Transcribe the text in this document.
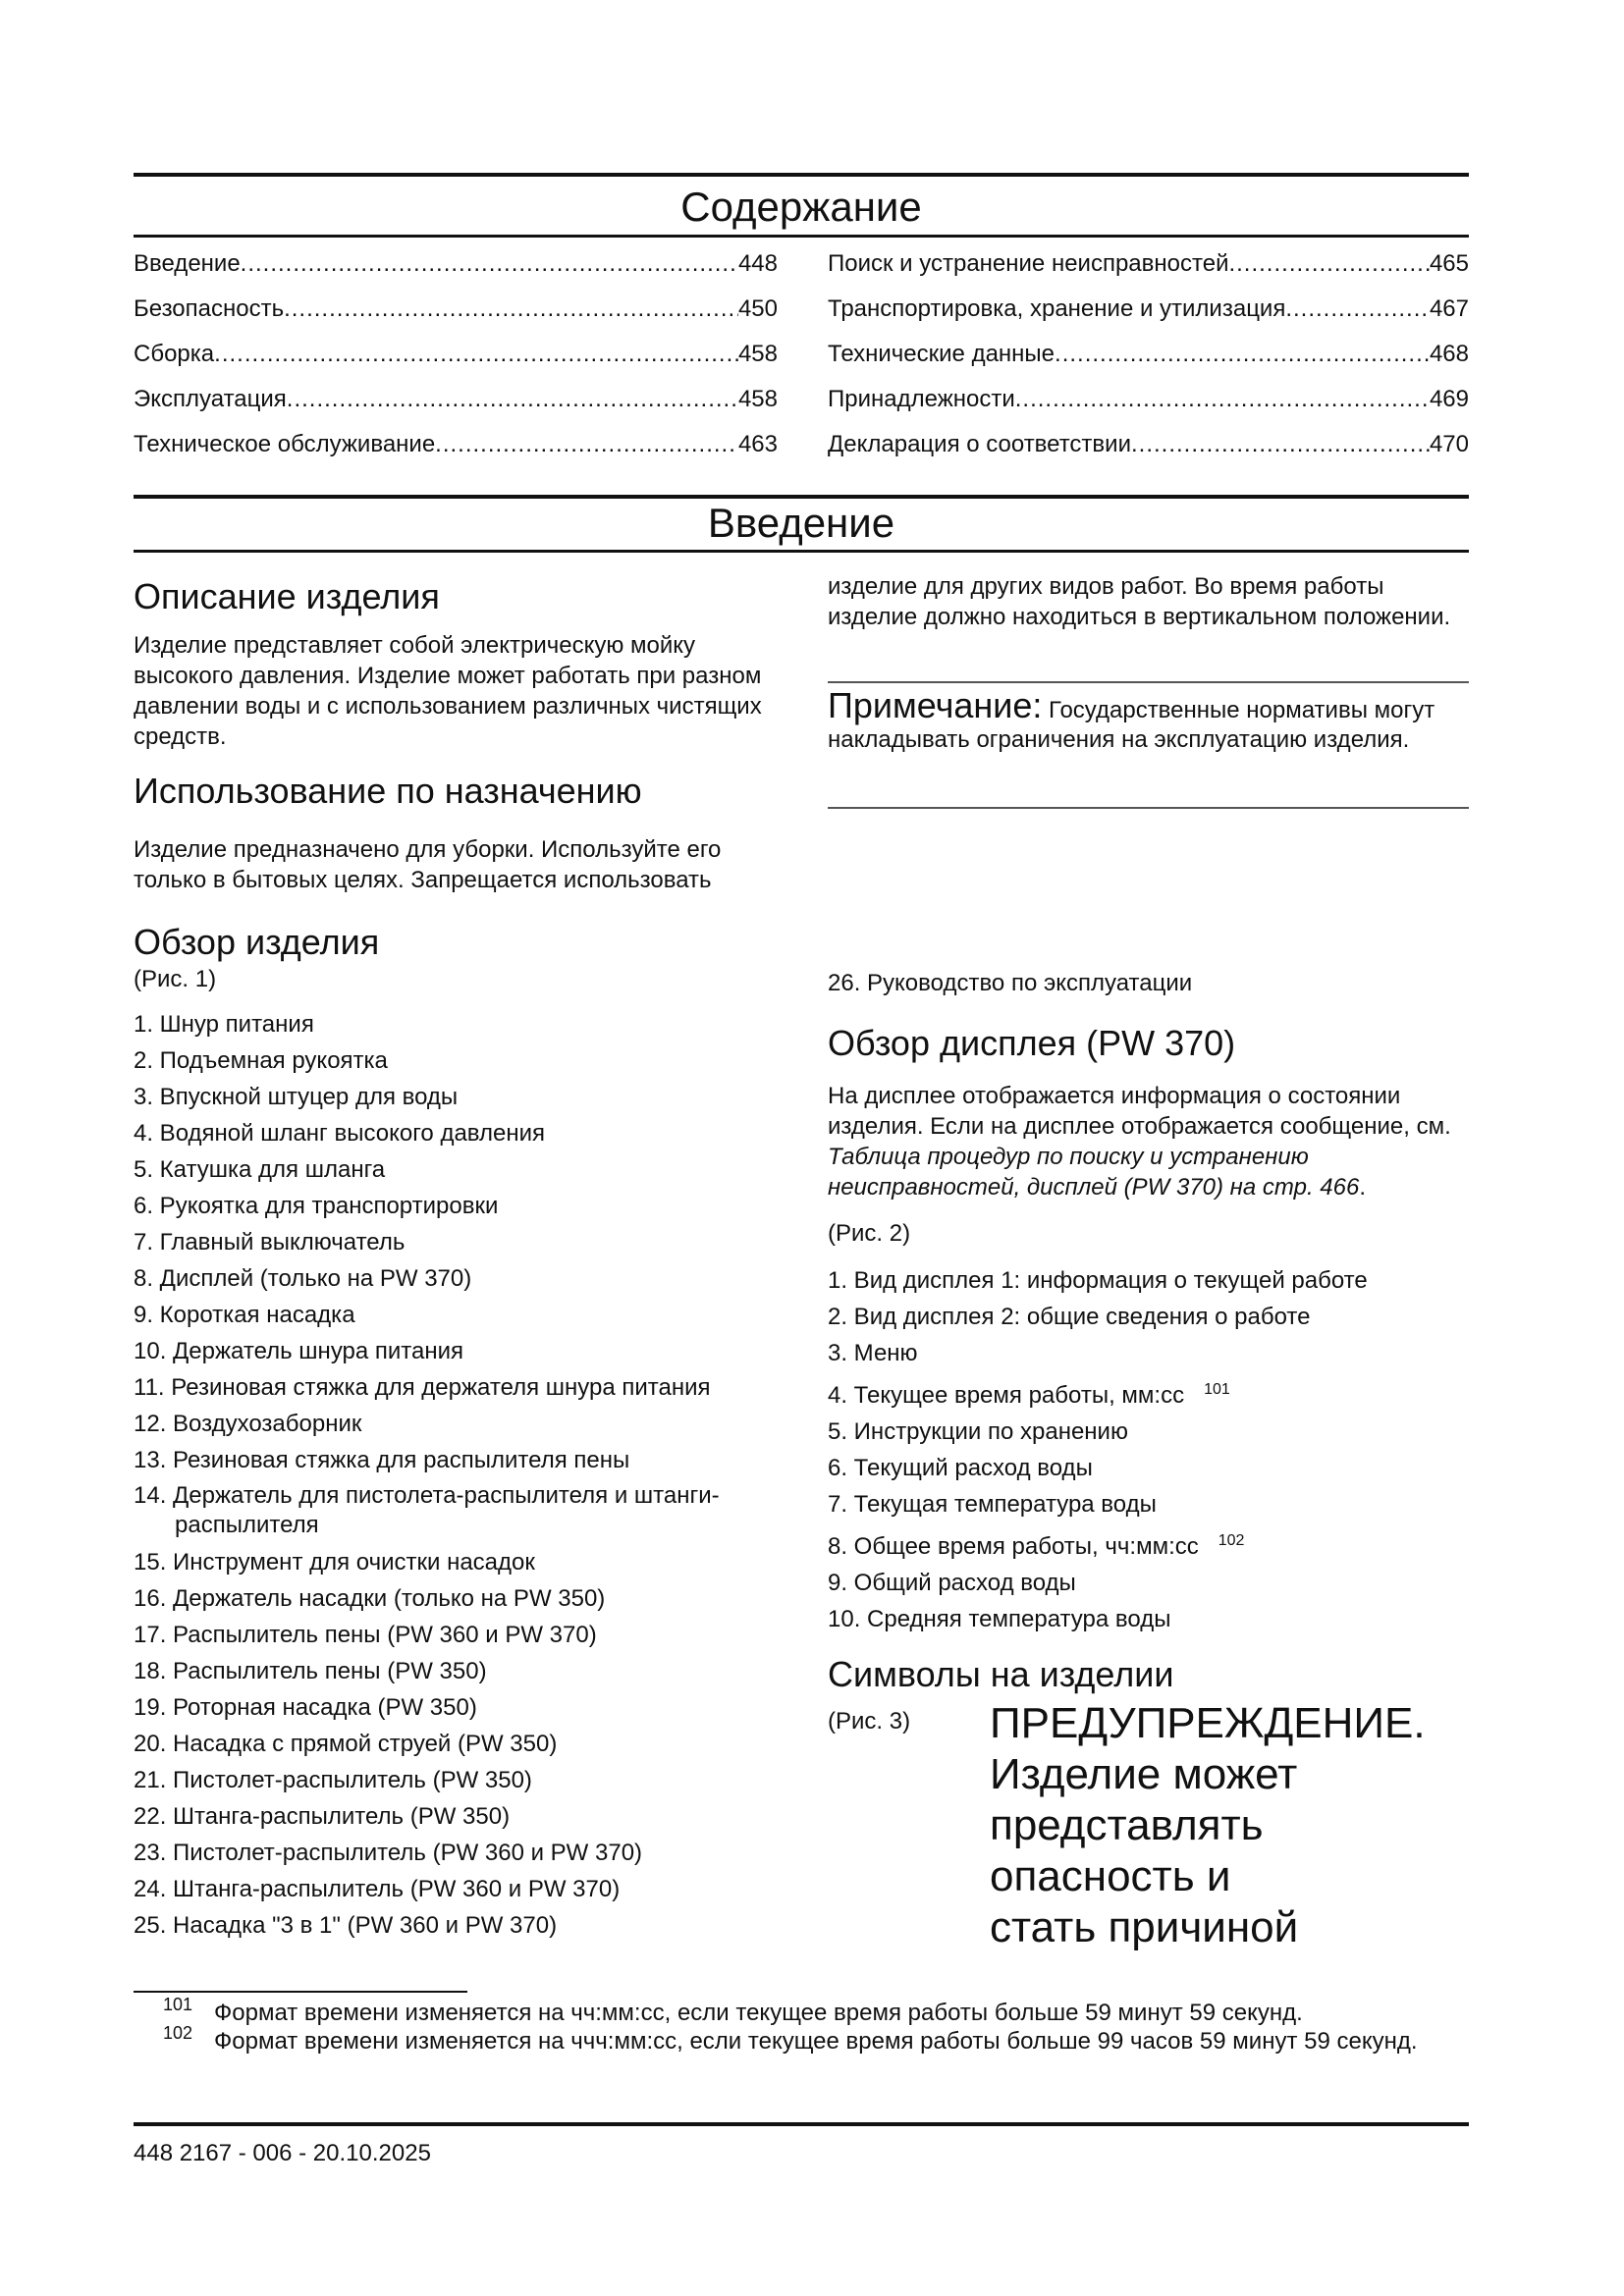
Содержание
Введение .....	448
Безопасность .....	450
Сборка .....	458
Эксплуатация .....	458
Техническое обслуживание .....	463
Поиск и устранение неисправностей .....	465
Транспортировка, хранение и утилизация .....	467
Технические данные .....	468
Принадлежности .....	469
Декларация о соответствии .....	470
Введение
Описание изделия

Изделие представляет собой электрическую мойку высокого давления. Изделие может работать при разном давлении воды и с использованием различных чистящих средств.

Использование по назначению

Изделие предназначено для уборки. Используйте его только в бытовых целях. Запрещается использовать

изделие для других видов работ. Во время работы изделие должно находиться в вертикальном положении.

Примечание: Государственные нормативы могут накладывать ограничения на эксплуатацию изделия.

Обзор изделия

(Рис. 1)

1. Шнур питания
2. Подъемная рукоятка
3. Впускной штуцер для воды
4. Водяной шланг высокого давления
5. Катушка для шланга
6. Рукоятка для транспортировки
7. Главный выключатель
8. Дисплей (только на PW 370)
9. Короткая насадка
10. Держатель шнура питания
11. Резиновая стяжка для держателя шнура питания
12. Воздухозаборник
13. Резиновая стяжка для распылителя пены
14. Держатель для пистолета-распылителя и штанги-
распылителя
15. Инструмент для очистки насадок
16. Держатель насадки (только на PW 350)
17. Распылитель пены (PW 360 и PW 370)
18. Распылитель пены (PW 350)
19. Роторная насадка (PW 350)
20. Насадка с прямой струей (PW 350)
21. Пистолет-распылитель (PW 350)
22. Штанга-распылитель (PW 350)
23. Пистолет-распылитель (PW 360 и PW 370)
24. Штанга-распылитель (PW 360 и PW 370)
25. Насадка "3 в 1" (PW 360 и PW 370)

26. Руководство по эксплуатации

Обзор дисплея (PW 370)

На дисплее отображается информация о состоянии изделия. Если на дисплее отображается сообщение, см. Таблица процедур по поиску и устранению неисправностей, дисплей (PW 370) на стр. 466.

(Рис. 2)

1. Вид дисплея 1: информация о текущей работе
2. Вид дисплея 2: общие сведения о работе
3. Меню
4. Текущее время работы, мм:сс $^{101}$
5. Инструкции по хранению
6. Текущий расход воды
7. Текущая температура воды
8. Общее время работы, чч:мм:сс $^{102}$
9. Общий расход воды
10. Средняя температура воды
Символы на изделии
(Рис. 3) ПРЕДУПРЕЖДЕНИЕ.
Изделие может
представлять
опасность и
стать причиной
101 Формат времени изменяется на чч:мм:сс, если текущее время работы больше 59 минут 59 секунд.
102 Формат времени изменяется на ччч:мм:сс, если текущее время работы больше 99 часов 59 минут 59 секунд.
448 2167 - 006 - 20.10.2025
